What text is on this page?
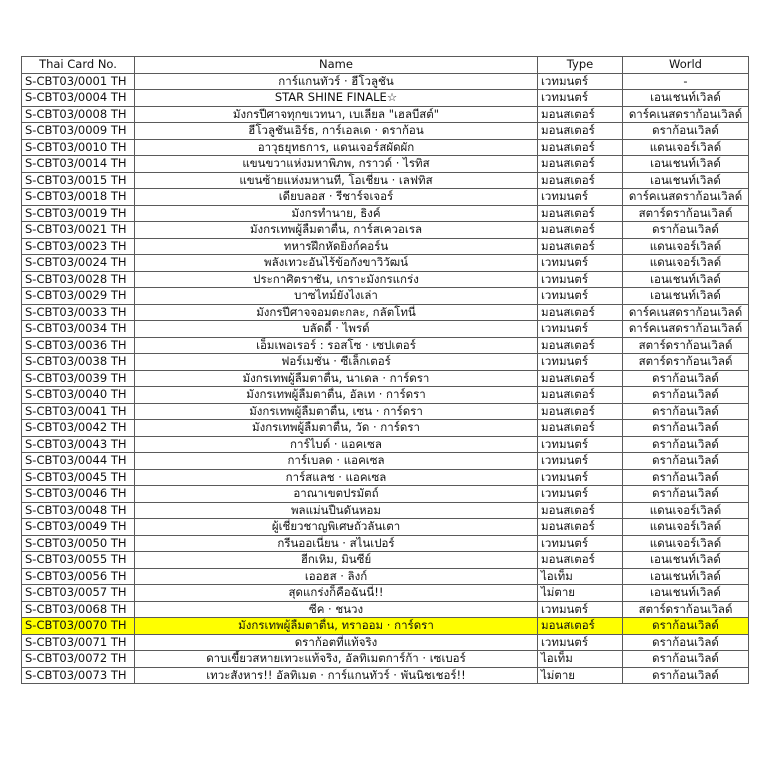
Thai Card No.	Name	Type	World
S-CBT03/0001 TH	การ์แกนทัวร์ · ฮีโวลูชัน	เวทมนตร์	-
S-CBT03/0004 TH	STAR SHINE FINALE☆	เวทมนตร์	เอนเชนท์เวิลด์
S-CBT03/0008 TH	มังกรปีศาจทุกขเวทนา, เบเลียล "เฮลบีสต์"	มอนสเตอร์	ดาร์คเนสดราก้อนเวิลด์
S-CBT03/0009 TH	ฮีโวลูชันเอิร์ธ, การ์เอลเด · ดราก้อน	มอนสเตอร์	ดราก้อนเวิลด์
S-CBT03/0010 TH	อาวุธยุทธการ, แดนเจอร์สผัดผัก	มอนสเตอร์	แดนเจอร์เวิลด์
S-CBT03/0014 TH	แขนขวาแห่งมหาพิภพ, กราวด์ · ไรทิส	มอนสเตอร์	เอนเชนท์เวิลด์
S-CBT03/0015 TH	แขนซ้ายแห่งมหานที, โอเชี่ยน · เลฟทิส	มอนสเตอร์	เอนเชนท์เวิลด์
S-CBT03/0018 TH	เดียบลอส · รีชาร์จเจอร์	เวทมนตร์	ดาร์คเนสดราก้อนเวิลด์
S-CBT03/0019 TH	มังกรทำนาย, ธิงค์	มอนสเตอร์	สตาร์ดราก้อนเวิลด์
S-CBT03/0021 TH	มังกรเทพผู้ลืมตาตื่น, การ์สเควอเรล	มอนสเตอร์	ดราก้อนเวิลด์
S-CBT03/0023 TH	ทหารฝึกหัดยิ่งก์คอร์น	มอนสเตอร์	แดนเจอร์เวิลด์
S-CBT03/0024 TH	พลังเทวะอันไร้ข้อกังขาวิวัฒน์	เวทมนตร์	แดนเจอร์เวิลด์
S-CBT03/0028 TH	ประกาศิตราชัน, เกราะมังกรแกร่ง	เวทมนตร์	เอนเชนท์เวิลด์
S-CBT03/0029 TH	บาซไทม์ยังไงเล่า	เวทมนตร์	เอนเชนท์เวิลด์
S-CBT03/0033 TH	มังกรปีศาจจอมตะกละ, กลัตโทนี่	มอนสเตอร์	ดาร์คเนสดราก้อนเวิลด์
S-CBT03/0034 TH	บลัดดี้ · ไพรด์	เวทมนตร์	ดาร์คเนสดราก้อนเวิลด์
S-CBT03/0036 TH	เอ็มเพอเรอร์ : รอสโซ · เซปเตอร์	มอนสเตอร์	สตาร์ดราก้อนเวิลด์
S-CBT03/0038 TH	ฟอร์เมชั่น · ซีเล็กเตอร์	เวทมนตร์	สตาร์ดราก้อนเวิลด์
S-CBT03/0039 TH	มังกรเทพผู้ลืมตาตื่น, นาเดล · การ์ดรา	มอนสเตอร์	ดราก้อนเวิลด์
S-CBT03/0040 TH	มังกรเทพผู้ลืมตาตื่น, อัลเท · การ์ดรา	มอนสเตอร์	ดราก้อนเวิลด์
S-CBT03/0041 TH	มังกรเทพผู้ลืมตาตื่น, เซน · การ์ดรา	มอนสเตอร์	ดราก้อนเวิลด์
S-CBT03/0042 TH	มังกรเทพผู้ลืมตาตื่น, วัด · การ์ดรา	มอนสเตอร์	ดราก้อนเวิลด์
S-CBT03/0043 TH	การ์ไบด์ · แอคเซล	เวทมนตร์	ดราก้อนเวิลด์
S-CBT03/0044 TH	การ์เบลด · แอคเซล	เวทมนตร์	ดราก้อนเวิลด์
S-CBT03/0045 TH	การ์สแลช · แอคเซล	เวทมนตร์	ดราก้อนเวิลด์
S-CBT03/0046 TH	อาณาเขตปรมัตถ์	เวทมนตร์	ดราก้อนเวิลด์
S-CBT03/0048 TH	พลแม่นปืนดันหอม	มอนสเตอร์	แดนเจอร์เวิลด์
S-CBT03/0049 TH	ผู้เชี่ยวชาญพิเศษถั่วลันเตา	มอนสเตอร์	แดนเจอร์เวิลด์
S-CBT03/0050 TH	กรีนออเนี่ยน · สไนเปอร์	เวทมนตร์	แดนเจอร์เวิลด์
S-CBT03/0055 TH	ฮีกเหิม, มินซีย์	มอนสเตอร์	เอนเชนท์เวิลด์
S-CBT03/0056 TH	เออฮส · ลิงก์	ไอเท็ม	เอนเชนท์เวิลด์
S-CBT03/0057 TH	สุดแกร่งก็คือฉันนี่!!	ไม่ตาย	เอนเชนท์เวิลด์
S-CBT03/0068 TH	ซีค · ชนวง	เวทมนตร์	สตาร์ดราก้อนเวิลด์
S-CBT03/0070 TH	มังกรเทพผู้ลืมตาตื่น, ทราออม · การ์ดรา	มอนสเตอร์	ดราก้อนเวิลด์
S-CBT03/0071 TH	ดราก้อตที่แท้จริง	เวทมนตร์	ดราก้อนเวิลด์
S-CBT03/0072 TH	ดาบเขี้ยวสหายเทวะแท้จริง, อัลทิเมตการ์ก้า · เซเบอร์	ไอเท็ม	ดราก้อนเวิลด์
S-CBT03/0073 TH	เทวะสังหาร!! อัลทิเมต · การ์แกนทัวร์ · พันนิชเชอร์!!	ไม่ตาย	ดราก้อนเวิลด์
